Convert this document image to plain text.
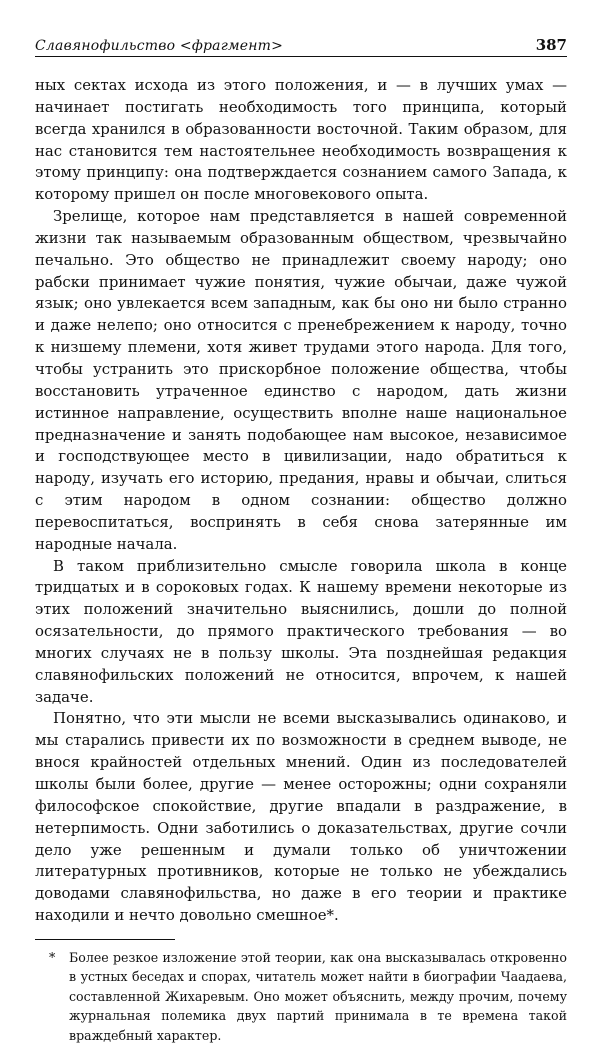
Славянофильство <фрагмент>	387

ных сектах исхода из этого положения, и — в лучших умах — начинает постигать необходимость того принципа, который всегда хранился в образованности восточной. Таким образом, для нас становится тем настоятельнее необходимость возвращения к этому принципу: она подтверждается сознанием самого Запада, к которому пришел он после многовекового опыта.

Зрелище, которое нам представляется в нашей современной жизни так называемым образованным обществом, чрезвычайно печально. Это общество не принадлежит своему народу; оно рабски принимает чужие понятия, чужие обычаи, даже чужой язык; оно увлекается всем западным, как бы оно ни было странно и даже нелепо; оно относится с пренебрежением к народу, точно к низшему племени, хотя живет трудами этого народа. Для того, чтобы устранить это прискорбное положение общества, чтобы восстановить утраченное единство с народом, дать жизни истинное направление, осуществить вполне наше национальное предназначение и занять подобающее нам высокое, независимое и господствующее место в цивилизации, надо обратиться к народу, изучать его историю, предания, нравы и обычаи, слиться с этим народом в одном сознании: общество должно перевоспитаться, воспринять в себя снова затерянные им народные начала.

В таком приблизительно смысле говорила школа в конце тридцатых и в сороковых годах. К нашему времени некоторые из этих положений значительно выяснились, дошли до полной осязательности, до прямого практического требования — во многих случаях не в пользу школы. Эта позднейшая редакция славянофильских положений не относится, впрочем, к нашей задаче.

Понятно, что эти мысли не всеми высказывались одинаково, и мы старались привести их по возможности в среднем выводе, не внося крайностей отдельных мнений. Один из последователей школы были более, другие — менее осторожны; одни сохраняли философское спокойствие, другие впадали в раздражение, в нетерпимость. Одни заботились о доказательствах, другие сочли дело уже решенным и думали только об уничтожении литературных противников, которые не только не убеждались доводами славянофильства, но даже в его теории и практике находили и нечто довольно смешное*.

* Более резкое изложение этой теории, как она высказывалась откровенно в устных беседах и спорах, читатель может найти в биографии Чаадаева, составленной Жихаревым. Оно может объяснить, между прочим, почему журнальная полемика двух партий принимала в те времена такой враждебный характер.
